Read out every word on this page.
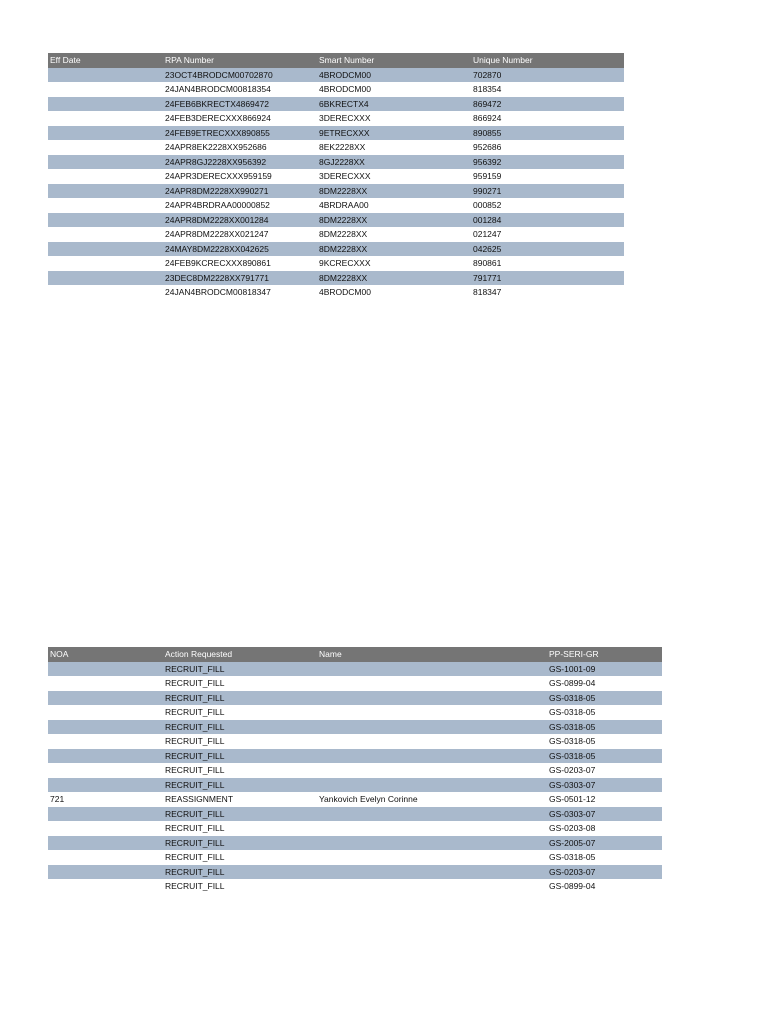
Eff Date	RPA Number	Smart Number	Unique Number
	23OCT4BRODCM00702870	4BRODCM00	702870
	24JAN4BRODCM00818354	4BRODCM00	818354
	24FEB6BKRECTX4869472	6BKRECTX4	869472
	24FEB3DERECXXX866924	3DERECXXX	866924
	24FEB9ETRECXXX890855	9ETRECXXX	890855
	24APR8EK2228XX952686	8EK2228XX	952686
	24APR8GJ2228XX956392	8GJ2228XX	956392
	24APR3DERECXXX959159	3DERECXXX	959159
	24APR8DM2228XX990271	8DM2228XX	990271
	24APR4BRDRAA00000852	4BRDRAA00	000852
	24APR8DM2228XX001284	8DM2228XX	001284
	24APR8DM2228XX021247	8DM2228XX	021247
	24MAY8DM2228XX042625	8DM2228XX	042625
	24FEB9KCRECXXX890861	9KCRECXXX	890861
	23DEC8DM2228XX791771	8DM2228XX	791771
	24JAN4BRODCM00818347	4BRODCM00	818347
NOA	Action Requested	Name	PP-SERI-GR
	RECRUIT_FILL		GS-1001-09
	RECRUIT_FILL		GS-0899-04
	RECRUIT_FILL		GS-0318-05
	RECRUIT_FILL		GS-0318-05
	RECRUIT_FILL		GS-0318-05
	RECRUIT_FILL		GS-0318-05
	RECRUIT_FILL		GS-0318-05
	RECRUIT_FILL		GS-0203-07
	RECRUIT_FILL		GS-0303-07
721	REASSIGNMENT	Yankovich Evelyn Corinne	GS-0501-12
	RECRUIT_FILL		GS-0303-07
	RECRUIT_FILL		GS-0203-08
	RECRUIT_FILL		GS-2005-07
	RECRUIT_FILL		GS-0318-05
	RECRUIT_FILL		GS-0203-07
	RECRUIT_FILL		GS-0899-04
